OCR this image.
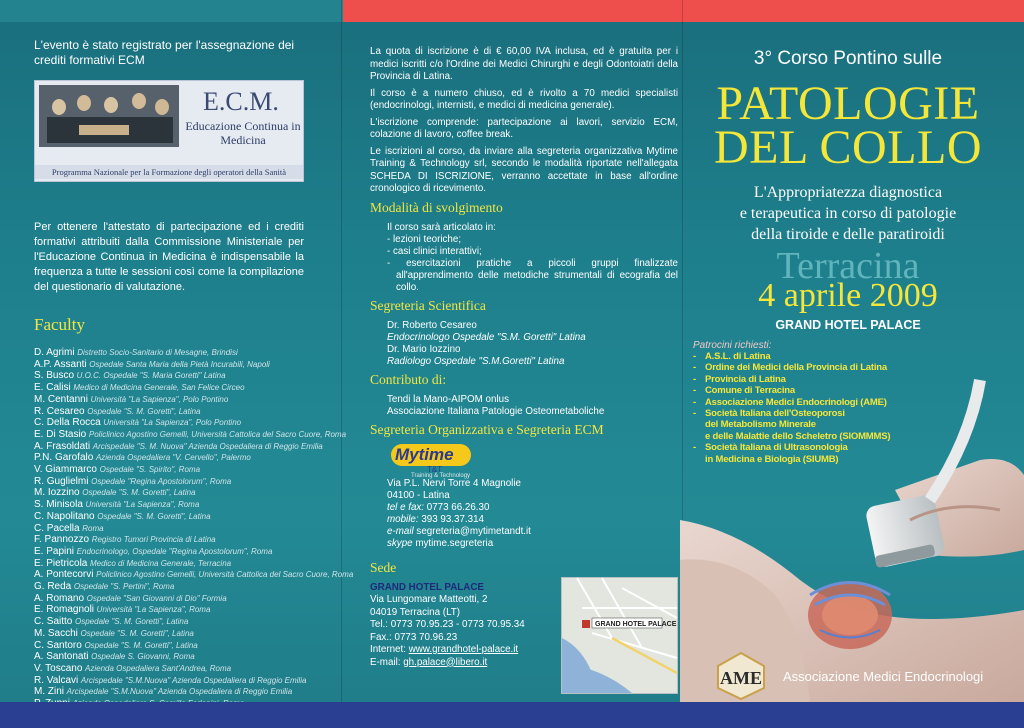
L'evento è stato registrato per l'assegnazione dei crediti formativi ECM
E.C.M.
Educazione Continua in Medicina
Programma Nazionale per la Formazione degli operatori della Sanità
Per ottenere l'attestato di partecipazione ed i crediti formativi attribuiti dalla Commissione Ministeriale per l'Educazione Continua in Medicina è indispensabile la frequenza a tutte le sessioni così come la compilazione del questionario di valutazione.
Faculty
D. Agrimi Distretto Socio-Sanitario di Mesagne, Brindisi
A.P. Assanti Ospedale Santa Maria della Pietà Incurabili, Napoli
S. Busco U.O.C. Ospedale "S. Maria Goretti" Latina
E. Calisi Medico di Medicina Generale, San Felice Circeo
M. Centanni Università "La Sapienza", Polo Pontino
R. Cesareo Ospedale "S. M. Goretti", Latina
C. Della Rocca Università "La Sapienza", Polo Pontino
E. Di Stasio Policlinico Agostino Gemelli, Università Cattolica del Sacro Cuore, Roma
A. Frasoldati Arcispedale "S. M. Nuova" Azienda Ospedaliera di Reggio Emilia
P.N. Garofalo Azienda Ospedaliera "V. Cervello", Palermo
V. Giammarco Ospedale "S. Spirito", Roma
R. Guglielmi Ospedale "Regina Apostolorum", Roma
M. Iozzino Ospedale "S. M. Goretti", Latina
S. Minisola Università "La Sapienza", Roma
C. Napolitano Ospedale "S. M. Goretti", Latina
C. Pacella Roma
F. Pannozzo Registro Tumori Provincia di Latina
E. Papini Endocrinologo, Ospedale "Regina Apostolorum", Roma
E. Pietricola Medico di Medicina Generale, Terracina
A. Pontecorvi Policlinico Agostino Gemelli, Università Cattolica del Sacro Cuore, Roma
G. Reda Ospedale "S. Pertini", Roma
A. Romano Ospedale "San Giovanni di Dio" Formia
E. Romagnoli Università "La Sapienza", Roma
C. Saitto Ospedale "S. M. Goretti", Latina
M. Sacchi Ospedale "S. M. Goretti", Latina
C. Santoro Ospedale "S. M. Goretti", Latina
A. Santonati Ospedale S. Giovanni, Roma
V. Toscano Azienda Ospedaliera Sant'Andrea, Roma
R. Valcavi Arcispedale "S.M.Nuova" Azienda Ospedaliera di Reggio Emilia
M. Zini Arcispedale "S.M.Nuova" Azienda Ospedaliera di Reggio Emilia

La quota di iscrizione è di € 60,00 IVA inclusa, ed è gratuita per i medici iscritti c/o l'Ordine dei Medici Chirurghi e degli Odontoiatri della Provincia di Latina.

Il corso è a numero chiuso, ed è rivolto a 70 medici specialisti (endocrinologi, internisti, e medici di medicina generale).

L'iscrizione comprende: partecipazione ai lavori, servizio ECM, colazione di lavoro, coffee break.

Le iscrizioni al corso, da inviare alla segreteria organizzativa Mytime Training & Technology srl, secondo le modalità riportate nell'allegata SCHEDA DI ISCRIZIONE, verranno accettate in base all'ordine cronologico di ricevimento.

Modalità di svolgimento
Il corso sarà articolato in:
- lezioni teoriche;
- casi clinici interattivi;
- esercitazioni pratiche a piccoli gruppi finalizzate all'apprendimento delle metodiche strumentali di ecografia del collo.
Segreteria Scientifica
Dr. Roberto Cesareo
Endocrinologo Ospedale "S.M. Goretti" Latina
Dr. Mario Iozzino
Radiologo Ospedale "S.M.Goretti" Latina
Contributo di:
Tendi la Mano-AIPOM onlus
Associazione Italiana Patologie Osteometaboliche
Segreteria Organizzativa e Segreteria ECM
Mytime
T&T
Training & Technology
Via P.L. Nervi Torre 4 Magnolie
04100 - Latina
tel e fax: 0773 66.26.30
mobile: 393 93.37.314
e-mail segreteria@mytimetandt.it
skype mytime.segreteria
Sede
GRAND HOTEL PALACE
Via Lungomare Matteotti, 2
04019 Terracina (LT)
Tel.: 0773 70.95.23 - 0773 70.95.34
Fax.: 0773 70.96.23
Internet: www.grandhotel-palace.it
E-mail: gh.palace@libero.it
GRAND HOTEL PALACE
3° Corso Pontino sulle
PATOLOGIE
DEL COLLO
L'Appropriatezza diagnostica
e terapeutica in corso di patologie
della tiroide e delle paratiroidi
Terracina
4 aprile 2009
GRAND HOTEL PALACE
Patrocini richiesti:
- A.S.L. di Latina
- Ordine dei Medici della Provincia di Latina
- Provincia di Latina
- Comune di Terracina
- Associazione Medici Endocrinologi (AME)
- Società Italiana dell'Osteoporosi
del Metabolismo Minerale
e delle Malattie dello Scheletro (SIOMMMS)
- Società Italiana di Ultrasonologia
in Medicina e Biologia (SIUMB)
AME Associazione Medici Endocrinologi
